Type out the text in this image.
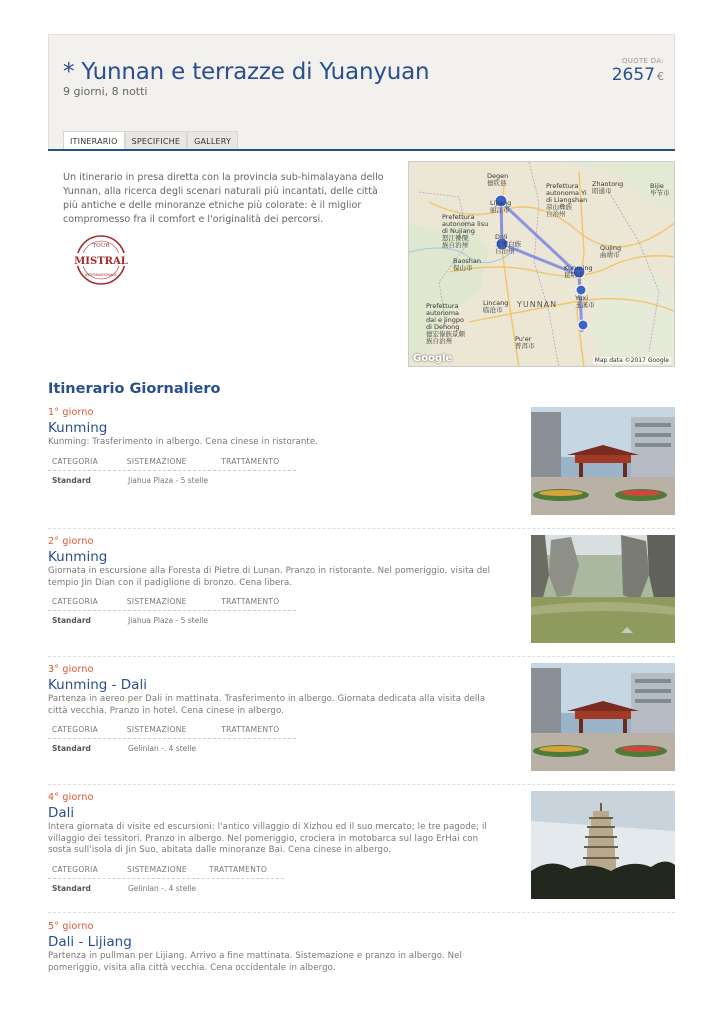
* Yunnan e terrazze di Yuanyuan
9 giorni, 8 notti
QUOTE DA:
2657 €
ITINERARIO	SPECIFICHE	GALLERY

Un itinerario in presa diretta con la provincia sub-himalayana dello Yunnan, alla ricerca degli scenari naturali più incantati, delle città più antiche e delle minoranze etniche più colorate: è il miglior compromesso fra il comfort e l'originalità dei percorsi.

TOUR
MISTRAL
INTERNAZIONALE
Degen
德钦县
Lijiang
丽江市
Dali
大理白族
自治州
Prefettura
autonoma Yi
di Liangshan
凉山彝族
自治州
Zhaotong
昭通市
Bijie
毕节市
Prefettura
autonoma lisu
di Nujiang
怒江傈僳
族自治州
Baoshan
保山市	Kunming
昆明市
Qujing
曲靖市
Yuxi
玉溪市
YUNNAN
Lincang
临沧市
Prefettura
autonoma
dai e jingpo
di Dehong
德宏傣族景颇
族自治州	Pu'er
普洱市
Google	Map data ©2017 Google
Itinerario Giornaliero
1° giorno
Kunming
Kunming: Trasferimento in albergo. Cena cinese in ristorante.
CATEGORIA	SISTEMAZIONE	TRATTAMENTO
Standard	Jiahua Plaza - 5 stelle
2° giorno
Kunming
Giornata in escursione alla Foresta di Pietre di Lunan. Pranzo in ristorante. Nel pomeriggio, visita del tempio Jin Dian con il padiglione di bronzo. Cena libera.
CATEGORIA	SISTEMAZIONE	TRATTAMENTO
Standard	Jiahua Plaza - 5 stelle
3° giorno
Kunming - Dali
Partenza in aereo per Dali in mattinata. Trasferimento in albergo. Giornata dedicata alla visita della città vecchia. Pranzo in hotel. Cena cinese in albergo.
CATEGORIA	SISTEMAZIONE	TRATTAMENTO
Standard	Gelinlan -. 4 stelle
4° giorno
Dali
Intera giornata di visite ed escursioni: l'antico villaggio di Xizhou ed il suo mercato; le tre pagode; il villaggio dei tessitori. Pranzo in albergo. Nel pomeriggio, crociera in motobarca sul lago ErHai con sosta sull'isola di Jin Suo, abitata dalle minoranze Bai. Cena cinese in albergo.
CATEGORIA	SISTEMAZIONE	TRATTAMENTO
Standard	Gelinlan -. 4 stelle
5° giorno
Dali - Lijiang
Partenza in pullman per Lijiang. Arrivo a fine mattinata. Sistemazione e pranzo in albergo. Nel pomeriggio, visita alla città vecchia. Cena occidentale in albergo.
